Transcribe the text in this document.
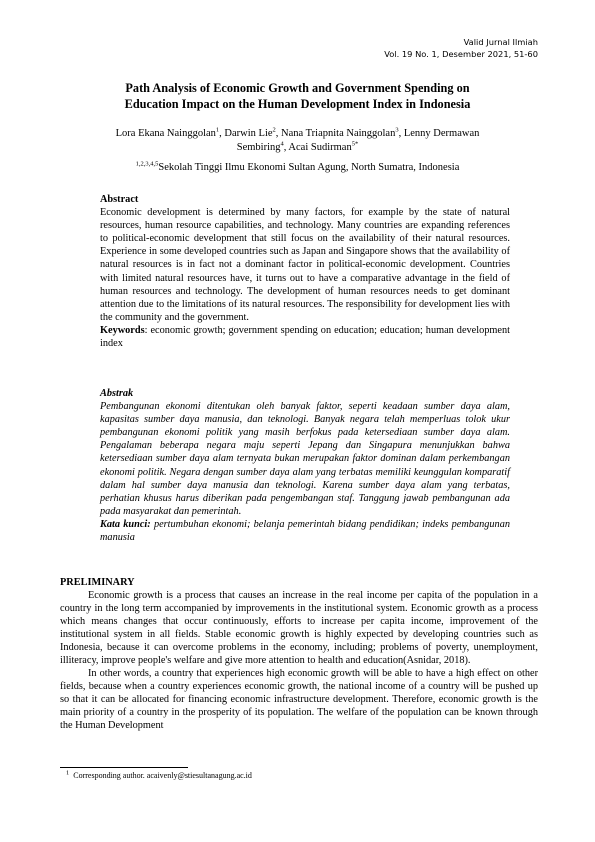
Valid Jurnal Ilmiah
Vol. 19 No. 1, Desember 2021, 51-60
Path Analysis of Economic Growth and Government Spending on
Education Impact on the Human Development Index in Indonesia
Lora Ekana Nainggolan$^1$, Darwin Lie$^2$, Nana Triapnita Nainggolan$^3$, Lenny Dermawan
Sembiring$^4$, Acai Sudirman$^{5*}$
$^{1,2,3,4,5}$Sekolah Tinggi Ilmu Ekonomi Sultan Agung, North Sumatra, Indonesia

Abstract

Economic development is determined by many factors, for example by the state of natural resources, human resource capabilities, and technology. Many countries are expanding references to political-economic development that still focus on the availability of their natural resources. Experience in some developed countries such as Japan and Singapore shows that the availability of natural resources is in fact not a dominant factor in political-economic development. Countries with limited natural resources have, it turns out to have a comparative advantage in the field of human resources and technology. The development of human resources needs to get dominant attention due to the limitations of its natural resources. The responsibility for development lies with the community and the government.

Keywords: economic growth; government spending on education; education; human development index

Abstrak

Pembangunan ekonomi ditentukan oleh banyak faktor, seperti keadaan sumber daya alam, kapasitas sumber daya manusia, dan teknologi. Banyak negara telah memperluas tolok ukur pembangunan ekonomi politik yang masih berfokus pada ketersediaan sumber daya alam. Pengalaman beberapa negara maju seperti Jepang dan Singapura menunjukkan bahwa ketersediaan sumber daya alam ternyata bukan merupakan faktor dominan dalam perkembangan ekonomi politik. Negara dengan sumber daya alam yang terbatas memiliki keunggulan komparatif dalam hal sumber daya manusia dan teknologi. Karena sumber daya alam yang terbatas, perhatian khusus harus diberikan pada pengembangan staf. Tanggung jawab pembangunan ada pada masyarakat dan pemerintah.

Kata kunci: pertumbuhan ekonomi; belanja pemerintah bidang pendidikan; indeks pembangunan manusia

PRELIMINARY

Economic growth is a process that causes an increase in the real income per capita of the population in a country in the long term accompanied by improvements in the institutional system. Economic growth as a process which means changes that occur continuously, efforts to increase per capita income, improvement of the institutional system in all fields. Stable economic growth is highly expected by developing countries such as Indonesia, because it can overcome problems in the economy, including; problems of poverty, unemployment, illiteracy, improve people's welfare and give more attention to health and education(Asnidar, 2018).

In other words, a country that experiences high economic growth will be able to have a high effect on other fields, because when a country experiences economic growth, the national income of a country will be pushed up so that it can be allocated for financing economic infrastructure development. Therefore, economic growth is the main priority of a country in the prosperity of its population. The welfare of the population can be known through the Human Development

$^1$ Corresponding author. acaivenly@stiesultanagung.ac.id
